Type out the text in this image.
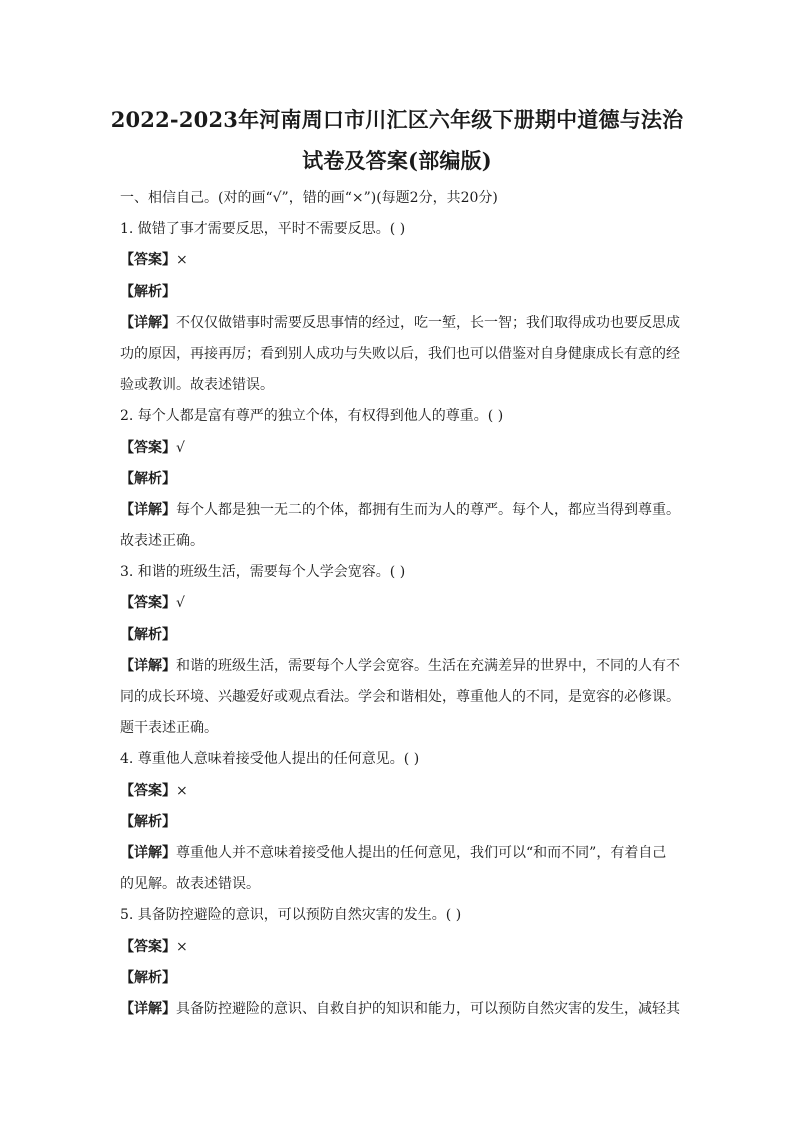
2022-2023年河南周口市川汇区六年级下册期中道德与法治
试卷及答案(部编版)
一、相信自己。(对的画“√”，错的画“×”)(每题2分，共20分)
1. 做错了事才需要反思，平时不需要反思。( )
【答案】×
【解析】
【详解】不仅仅做错事时需要反思事情的经过，吃一堑，长一智；我们取得成功也要反思成
功的原因，再接再厉；看到别人成功与失败以后，我们也可以借鉴对自身健康成长有意的经
验或教训。故表述错误。
2. 每个人都是富有尊严的独立个体，有权得到他人的尊重。( )
【答案】√
【解析】
【详解】每个人都是独一无二的个体，都拥有生而为人的尊严。每个人，都应当得到尊重。
故表述正确。
3. 和谐的班级生活，需要每个人学会宽容。( )
【答案】√
【解析】
【详解】和谐的班级生活，需要每个人学会宽容。生活在充满差异的世界中，不同的人有不
同的成长环境、兴趣爱好或观点看法。学会和谐相处，尊重他人的不同，是宽容的必修课。
题干表述正确。
4. 尊重他人意味着接受他人提出的任何意见。( )
【答案】×
【解析】
【详解】尊重他人并不意味着接受他人提出的任何意见，我们可以“和而不同”，有着自己
的见解。故表述错误。
5. 具备防控避险的意识，可以预防自然灾害的发生。( )
【答案】×
【解析】
【详解】具备防控避险的意识、自救自护的知识和能力，可以预防自然灾害的发生，减轻其
